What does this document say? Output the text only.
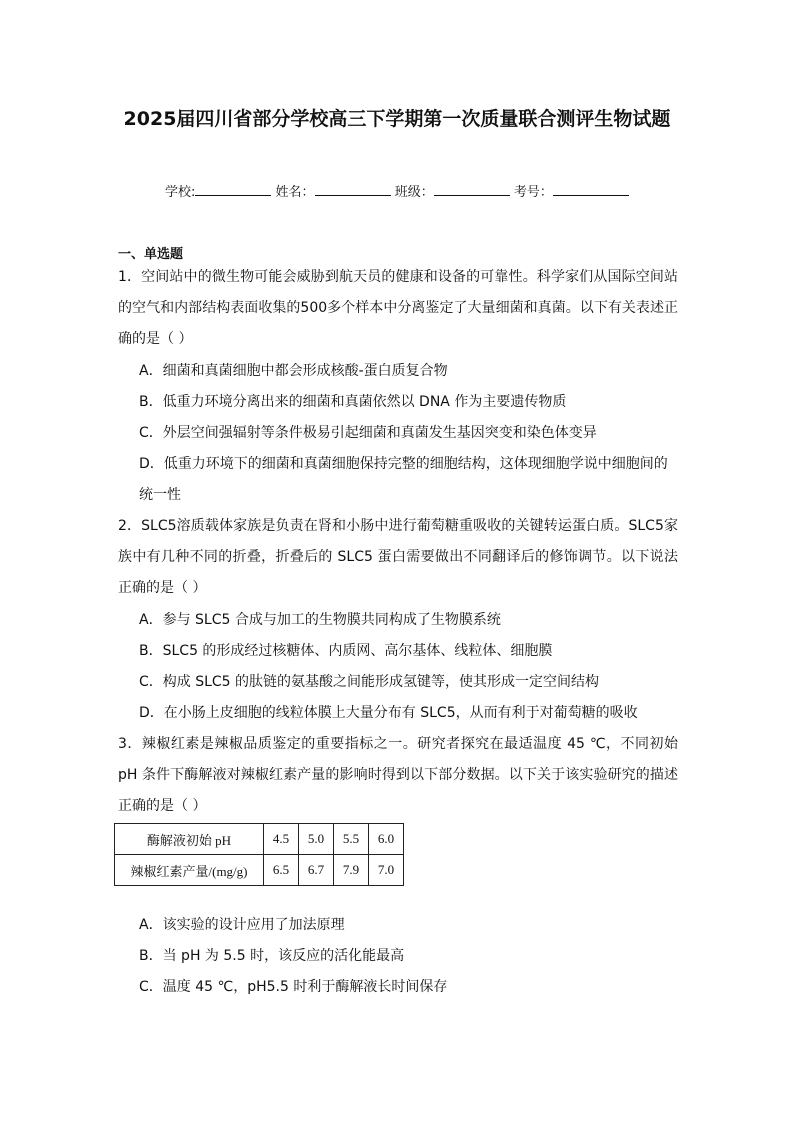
2025届四川省部分学校高三下学期第一次质量联合测评生物试题
学校:	姓名：	班级：	考号：
一、单选题
1．空间站中的微生物可能会威胁到航天员的健康和设备的可靠性。科学家们从国际空间站的空气和内部结构表面收集的500多个样本中分离鉴定了大量细菌和真菌。以下有关表述正确的是（ ）
A．细菌和真菌细胞中都会形成核酸-蛋白质复合物
B．低重力环境分离出来的细菌和真菌依然以 DNA 作为主要遗传物质
C．外层空间强辐射等条件极易引起细菌和真菌发生基因突变和染色体变异
D．低重力环境下的细菌和真菌细胞保持完整的细胞结构，这体现细胞学说中细胞间的统一性
2．SLC5溶质载体家族是负责在肾和小肠中进行葡萄糖重吸收的关键转运蛋白质。SLC5家族中有几种不同的折叠，折叠后的 SLC5 蛋白需要做出不同翻译后的修饰调节。以下说法正确的是（ ）
A．参与 SLC5 合成与加工的生物膜共同构成了生物膜系统
B．SLC5 的形成经过核糖体、内质网、高尔基体、线粒体、细胞膜
C．构成 SLC5 的肽链的氨基酸之间能形成氢键等，使其形成一定空间结构
D．在小肠上皮细胞的线粒体膜上大量分布有 SLC5，从而有利于对葡萄糖的吸收
3．辣椒红素是辣椒品质鉴定的重要指标之一。研究者探究在最适温度 45 ℃，不同初始 pH 条件下酶解液对辣椒红素产量的影响时得到以下部分数据。以下关于该实验研究的描述正确的是（ ）
酶解液初始 pH	4.5	5.0	5.5	6.0
辣椒红素产量/(mg/g)	6.5	6.7	7.9	7.0
A．该实验的设计应用了加法原理
B．当 pH 为 5.5 时，该反应的活化能最高
C．温度 45 ℃，pH5.5 时利于酶解液长时间保存
